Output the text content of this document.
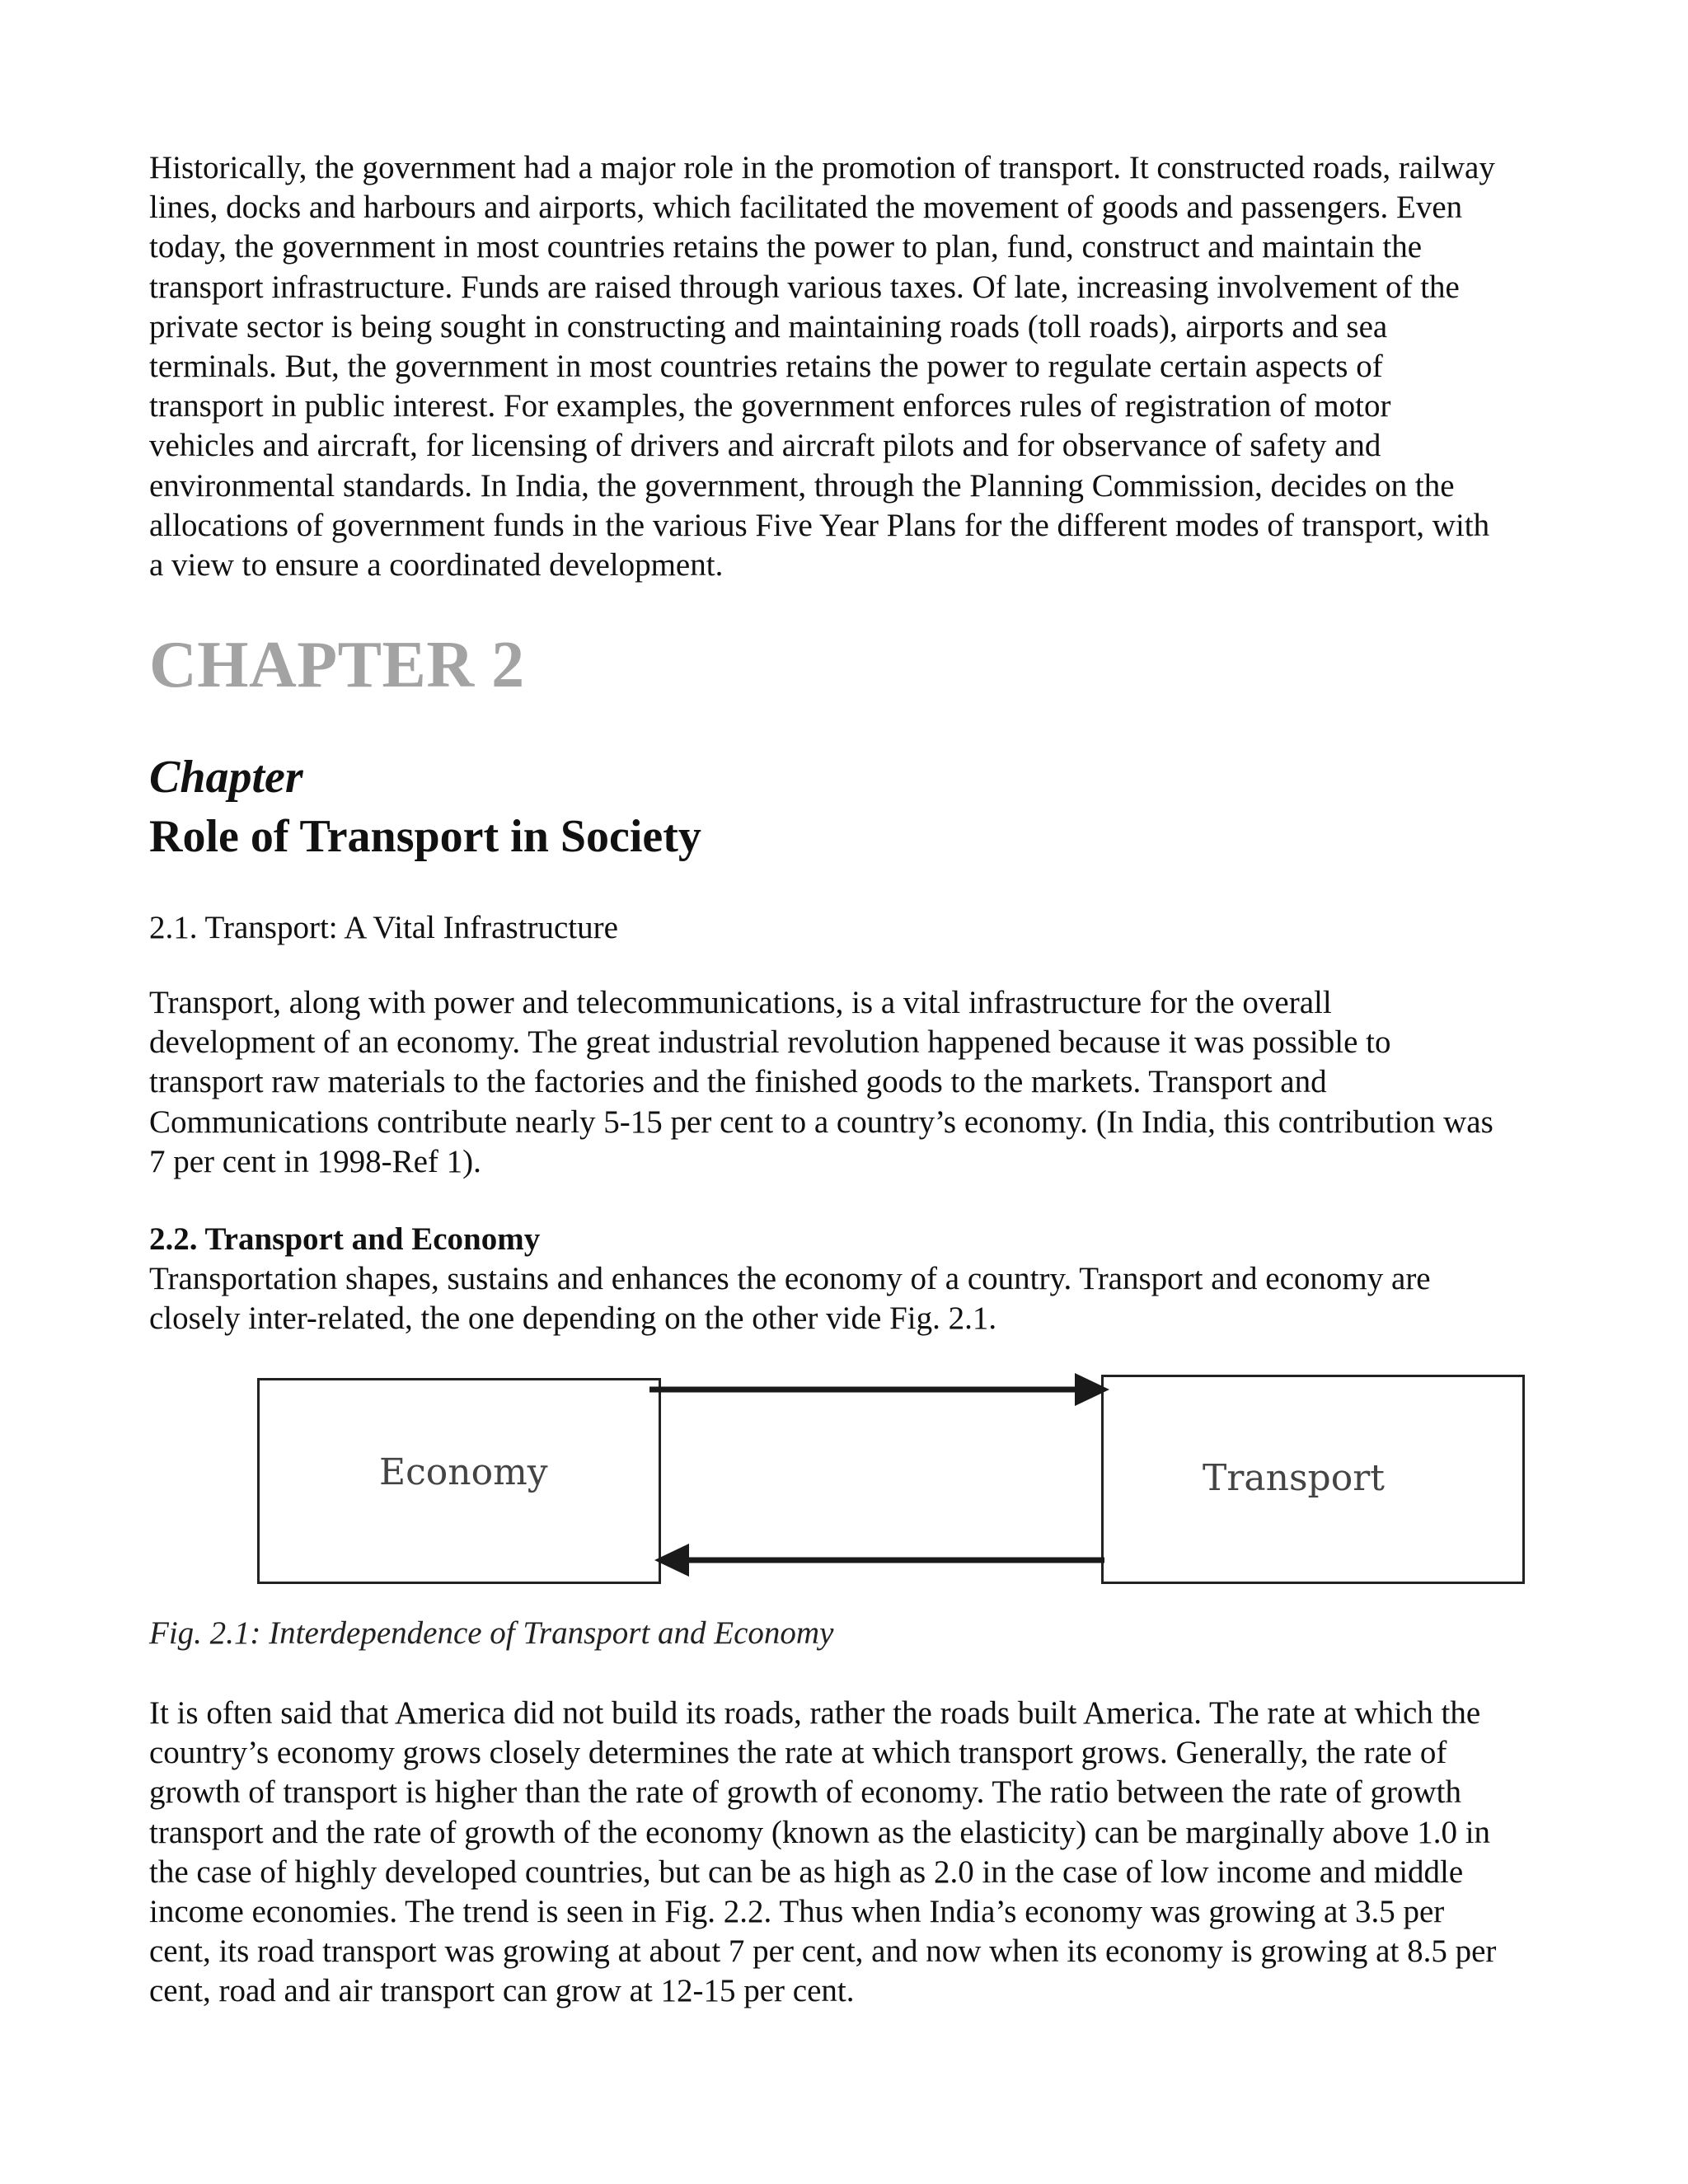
Historically, the government had a major role in the promotion of transport. It constructed roads, railway

lines, docks and harbours and airports, which facilitated the movement of goods and passengers. Even

today, the government in most countries retains the power to plan, fund, construct and maintain the

transport infrastructure. Funds are raised through various taxes. Of late, increasing involvement of the

private sector is being sought in constructing and maintaining roads (toll roads), airports and sea

terminals. But, the government in most countries retains the power to regulate certain aspects of

transport in public interest. For examples, the government enforces rules of registration of motor

vehicles and aircraft, for licensing of drivers and aircraft pilots and for observance of safety and

environmental standards. In India, the government, through the Planning Commission, decides on the

allocations of government funds in the various Five Year Plans for the different modes of transport, with

a view to ensure a coordinated development.

CHAPTER 2
Chapter
Role of Transport in Society
2.1. Transport: A Vital Infrastructure

Transport, along with power and telecommunications, is a vital infrastructure for the overall

development of an economy. The great industrial revolution happened because it was possible to

transport raw materials to the factories and the finished goods to the markets. Transport and

Communications contribute nearly 5-15 per cent to a country’s economy. (In India, this contribution was

7 per cent in 1998-Ref 1).

2.2. Transport and Economy

Transportation shapes, sustains and enhances the economy of a country. Transport and economy are

closely inter-related, the one depending on the other vide Fig. 2.1.

Economy	Transport

Fig. 2.1: Interdependence of Transport and Economy

It is often said that America did not build its roads, rather the roads built America. The rate at which the

country’s economy grows closely determines the rate at which transport grows. Generally, the rate of

growth of transport is higher than the rate of growth of economy. The ratio between the rate of growth

transport and the rate of growth of the economy (known as the elasticity) can be marginally above 1.0 in

the case of highly developed countries, but can be as high as 2.0 in the case of low income and middle

income economies. The trend is seen in Fig. 2.2. Thus when India’s economy was growing at 3.5 per

cent, its road transport was growing at about 7 per cent, and now when its economy is growing at 8.5 per

cent, road and air transport can grow at 12-15 per cent.
